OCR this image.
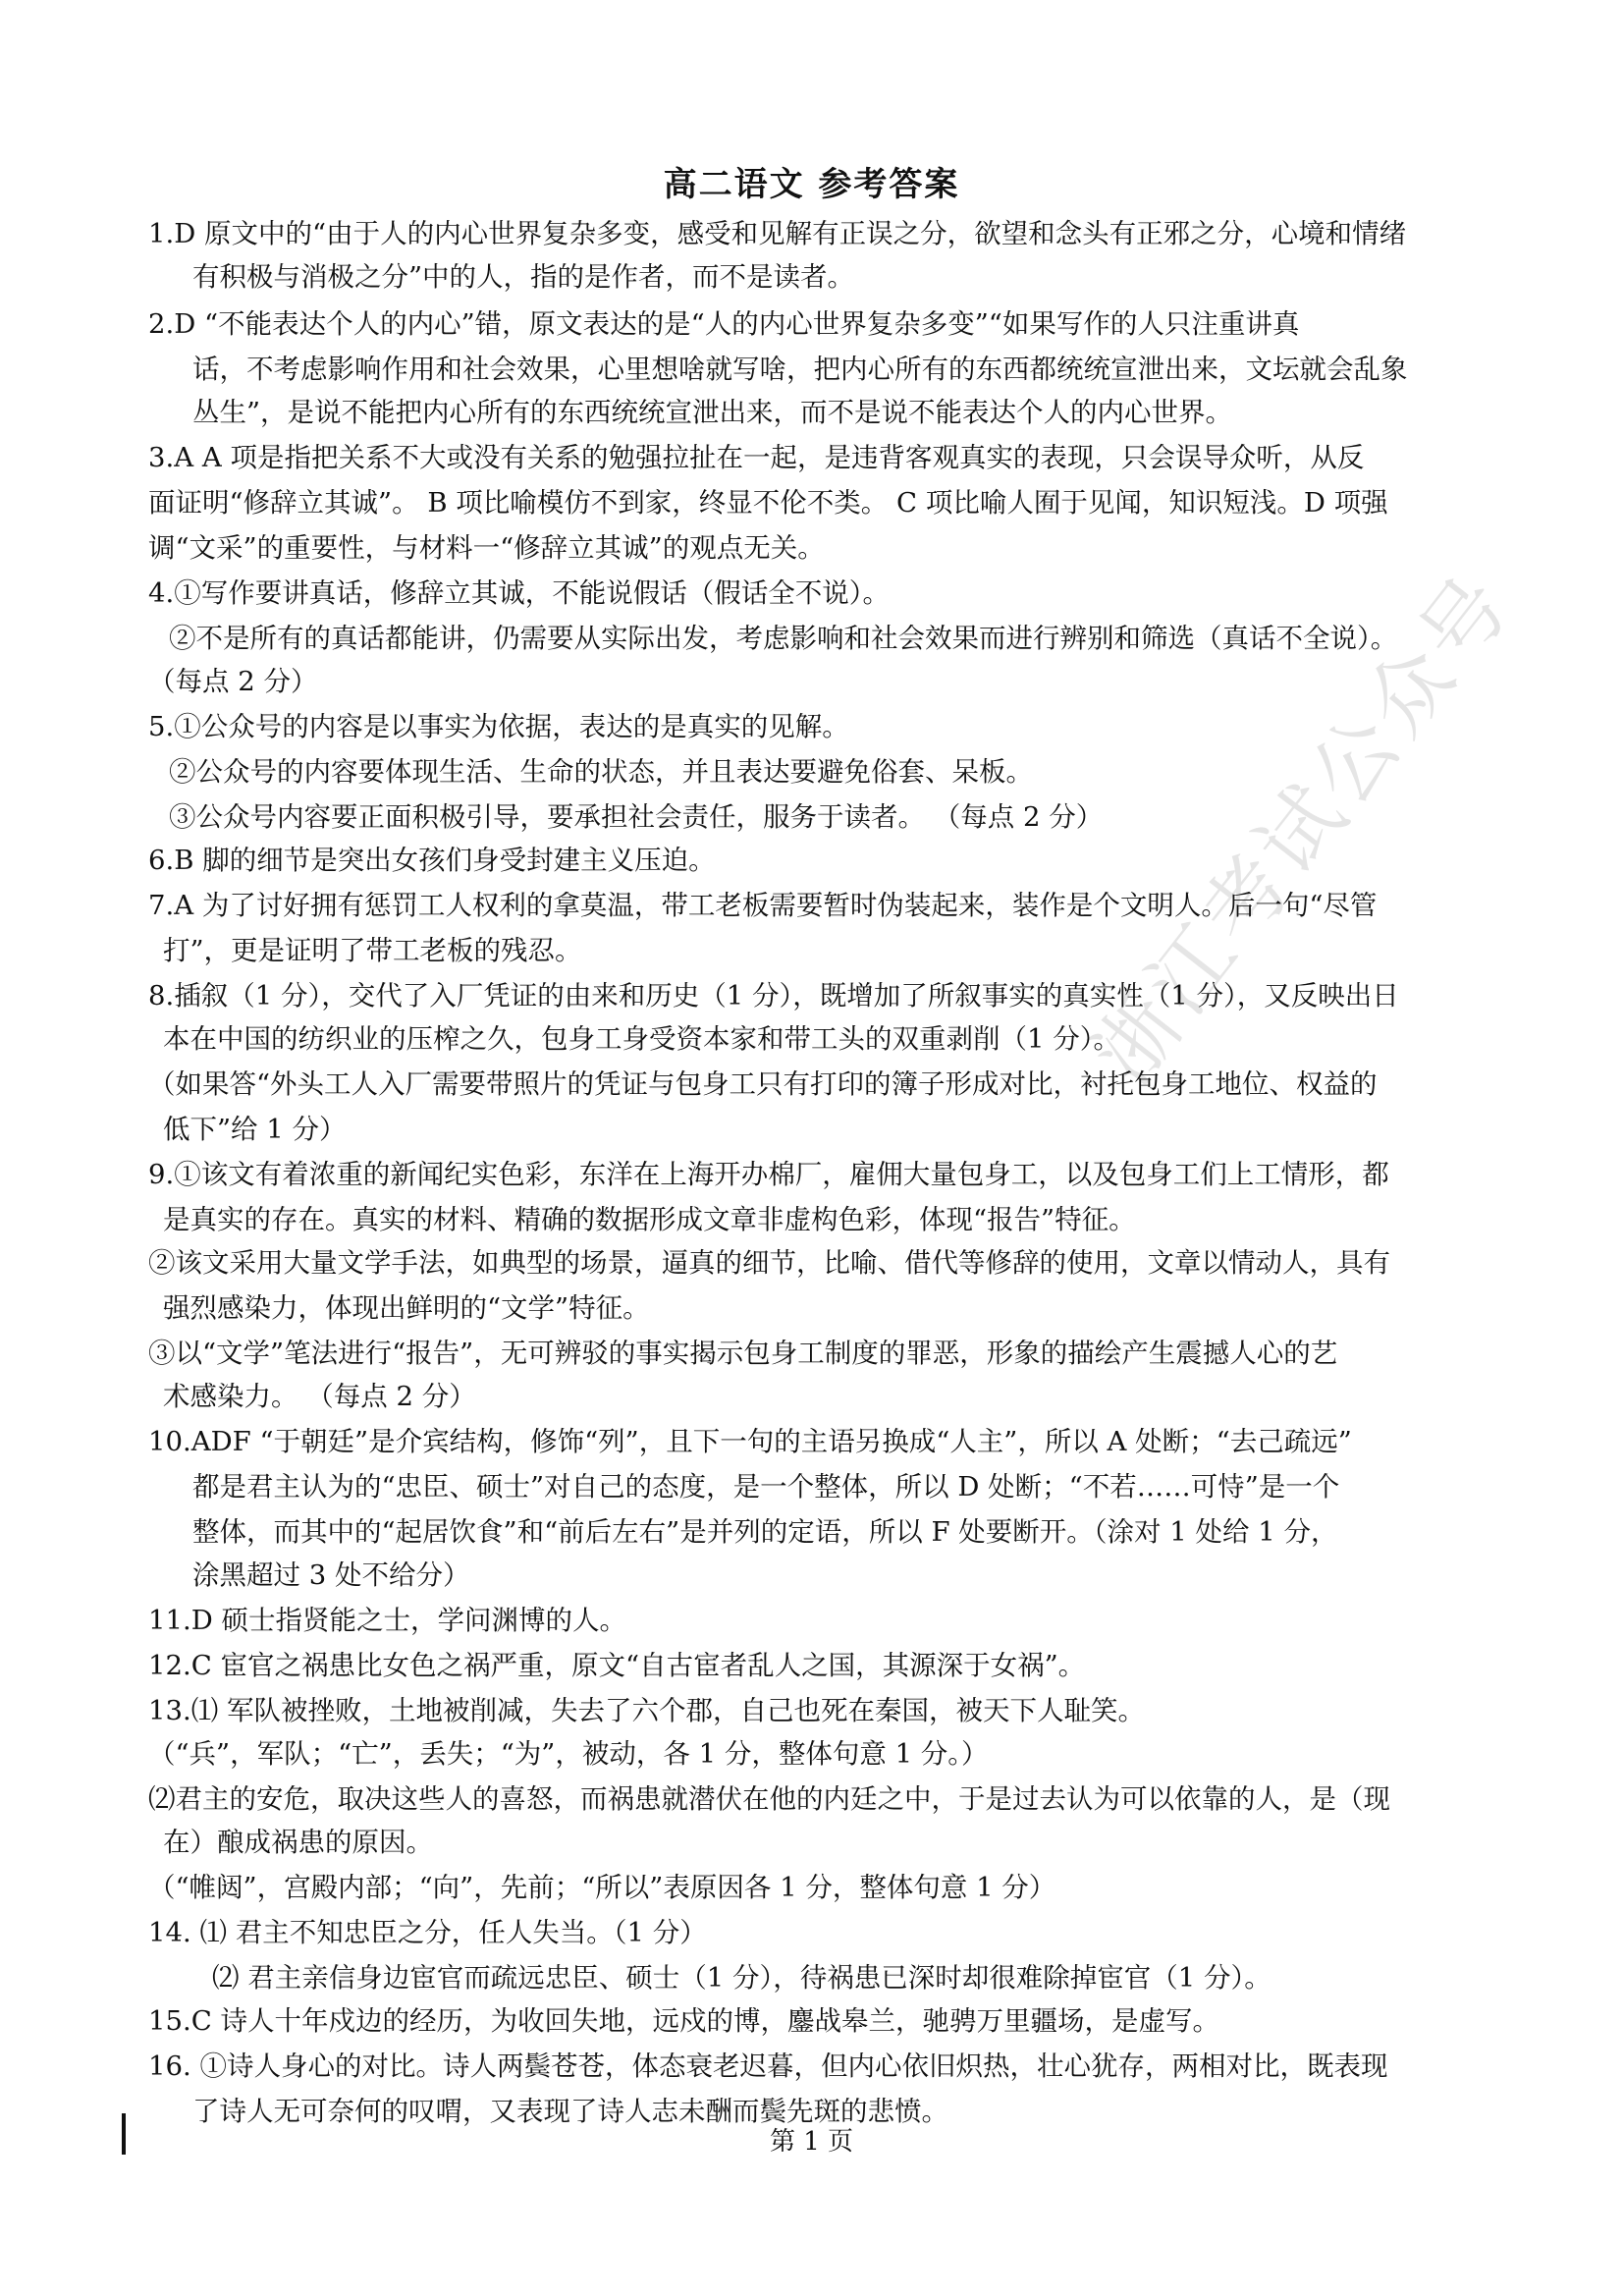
高二语文 参考答案
1.D 原文中的“由于人的内心世界复杂多变，感受和见解有正误之分，欲望和念头有正邪之分，心境和情绪
有积极与消极之分”中的人，指的是作者，而不是读者。
2.D “不能表达个人的内心”错，原文表达的是“人的内心世界复杂多变”“如果写作的人只注重讲真
话，不考虑影响作用和社会效果，心里想啥就写啥，把内心所有的东西都统统宣泄出来，文坛就会乱象
丛生”，是说不能把内心所有的东西统统宣泄出来，而不是说不能表达个人的内心世界。
3.A A 项是指把关系不大或没有关系的勉强拉扯在一起，是违背客观真实的表现，只会误导众听，从反
面证明“修辞立其诚”。 B 项比喻模仿不到家，终显不伦不类。 C 项比喻人囿于见闻，知识短浅。D 项强
调“文采”的重要性，与材料一“修辞立其诚”的观点无关。
4.①写作要讲真话，修辞立其诚，不能说假话（假话全不说）。
②不是所有的真话都能讲，仍需要从实际出发，考虑影响和社会效果而进行辨别和筛选（真话不全说）。
（每点 2 分）
5.①公众号的内容是以事实为依据，表达的是真实的见解。
②公众号的内容要体现生活、生命的状态，并且表达要避免俗套、呆板。
③公众号内容要正面积极引导，要承担社会责任，服务于读者。 （每点 2 分）
6.B 脚的细节是突出女孩们身受封建主义压迫。
7.A 为了讨好拥有惩罚工人权利的拿莫温，带工老板需要暂时伪装起来，装作是个文明人。后一句“尽管
打”，更是证明了带工老板的残忍。
8.插叙（1 分），交代了入厂凭证的由来和历史（1 分），既增加了所叙事实的真实性（1 分），又反映出日
本在中国的纺织业的压榨之久，包身工身受资本家和带工头的双重剥削（1 分）。
（如果答“外头工人入厂需要带照片的凭证与包身工只有打印的簿子形成对比，衬托包身工地位、权益的
低下”给 1 分）
9.①该文有着浓重的新闻纪实色彩，东洋在上海开办棉厂，雇佣大量包身工，以及包身工们上工情形，都
是真实的存在。真实的材料、精确的数据形成文章非虚构色彩，体现“报告”特征。
②该文采用大量文学手法，如典型的场景，逼真的细节，比喻、借代等修辞的使用，文章以情动人，具有
强烈感染力，体现出鲜明的“文学”特征。
③以“文学”笔法进行“报告”，无可辨驳的事实揭示包身工制度的罪恶，形象的描绘产生震撼人心的艺
术感染力。 （每点 2 分）
10.ADF “于朝廷”是介宾结构，修饰“列”，且下一句的主语另换成“人主”，所以 A 处断；“去己疏远”
都是君主认为的“忠臣、硕士”对自己的态度，是一个整体，所以 D 处断；“不若……可恃”是一个
整体，而其中的“起居饮食”和“前后左右”是并列的定语，所以 F 处要断开。（涂对 1 处给 1 分，
涂黑超过 3 处不给分）
11.D 硕士指贤能之士，学问渊博的人。
12.C 宦官之祸患比女色之祸严重，原文“自古宦者乱人之国，其源深于女祸”。
13.⑴ 军队被挫败，土地被削减，失去了六个郡，自己也死在秦国，被天下人耻笑。
（“兵”，军队；“亡”，丢失；“为”，被动，各 1 分，整体句意 1 分。）
⑵君主的安危，取决这些人的喜怒，而祸患就潜伏在他的内廷之中，于是过去认为可以依靠的人，是（现
在）酿成祸患的原因。
（“帷闼”，宫殿内部；“向”，先前；“所以”表原因各 1 分，整体句意 1 分）
14. ⑴ 君主不知忠臣之分，任人失当。（1 分）
⑵ 君主亲信身边宦官而疏远忠臣、硕士（1 分），待祸患已深时却很难除掉宦官（1 分）。
15.C 诗人十年戍边的经历，为收回失地，远戍的博，鏖战皋兰，驰骋万里疆场，是虚写。
16. ①诗人身心的对比。诗人两鬓苍苍，体态衰老迟暮，但内心依旧炽热，壮心犹存，两相对比，既表现
了诗人无可奈何的叹喟，又表现了诗人志未酬而鬓先斑的悲愤。
第 1 页
浙江考试公众号
